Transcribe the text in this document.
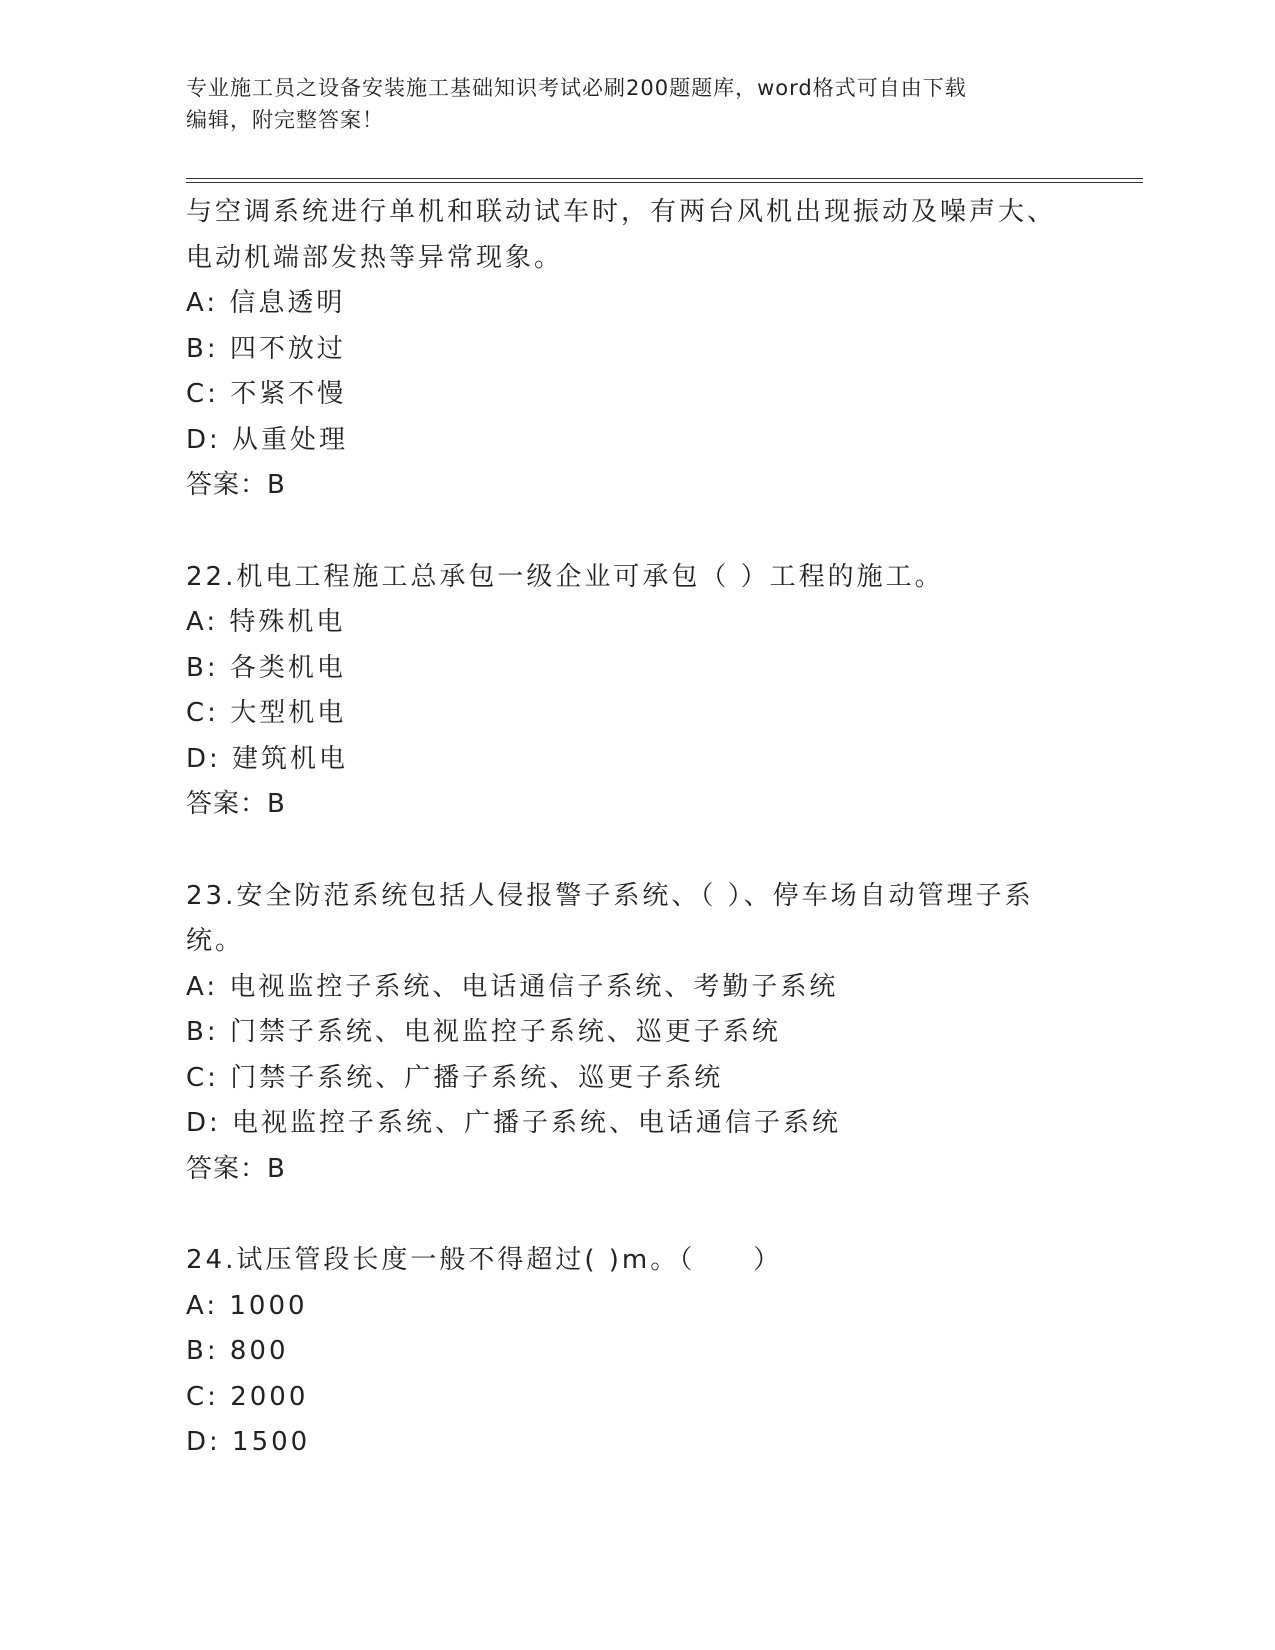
专业施工员之设备安装施工基础知识考试必刷200题题库，word格式可自由下载
编辑，附完整答案！
与空调系统进行单机和联动试车时，有两台风机出现振动及噪声大、
电动机端部发热等异常现象。
A: 信息透明
B: 四不放过
C: 不紧不慢
D: 从重处理
答案：B
22.机电工程施工总承包一级企业可承包（ ）工程的施工。
A: 特殊机电
B: 各类机电
C: 大型机电
D: 建筑机电
答案：B
23.安全防范系统包括人侵报警子系统、（ ）、停车场自动管理子系
统。
A: 电视监控子系统、电话通信子系统、考勤子系统
B: 门禁子系统、电视监控子系统、巡更子系统
C: 门禁子系统、广播子系统、巡更子系统
D: 电视监控子系统、广播子系统、电话通信子系统
答案：B
24.试压管段长度一般不得超过( )m。（　　）
A: 1000
B: 800
C: 2000
D: 1500
